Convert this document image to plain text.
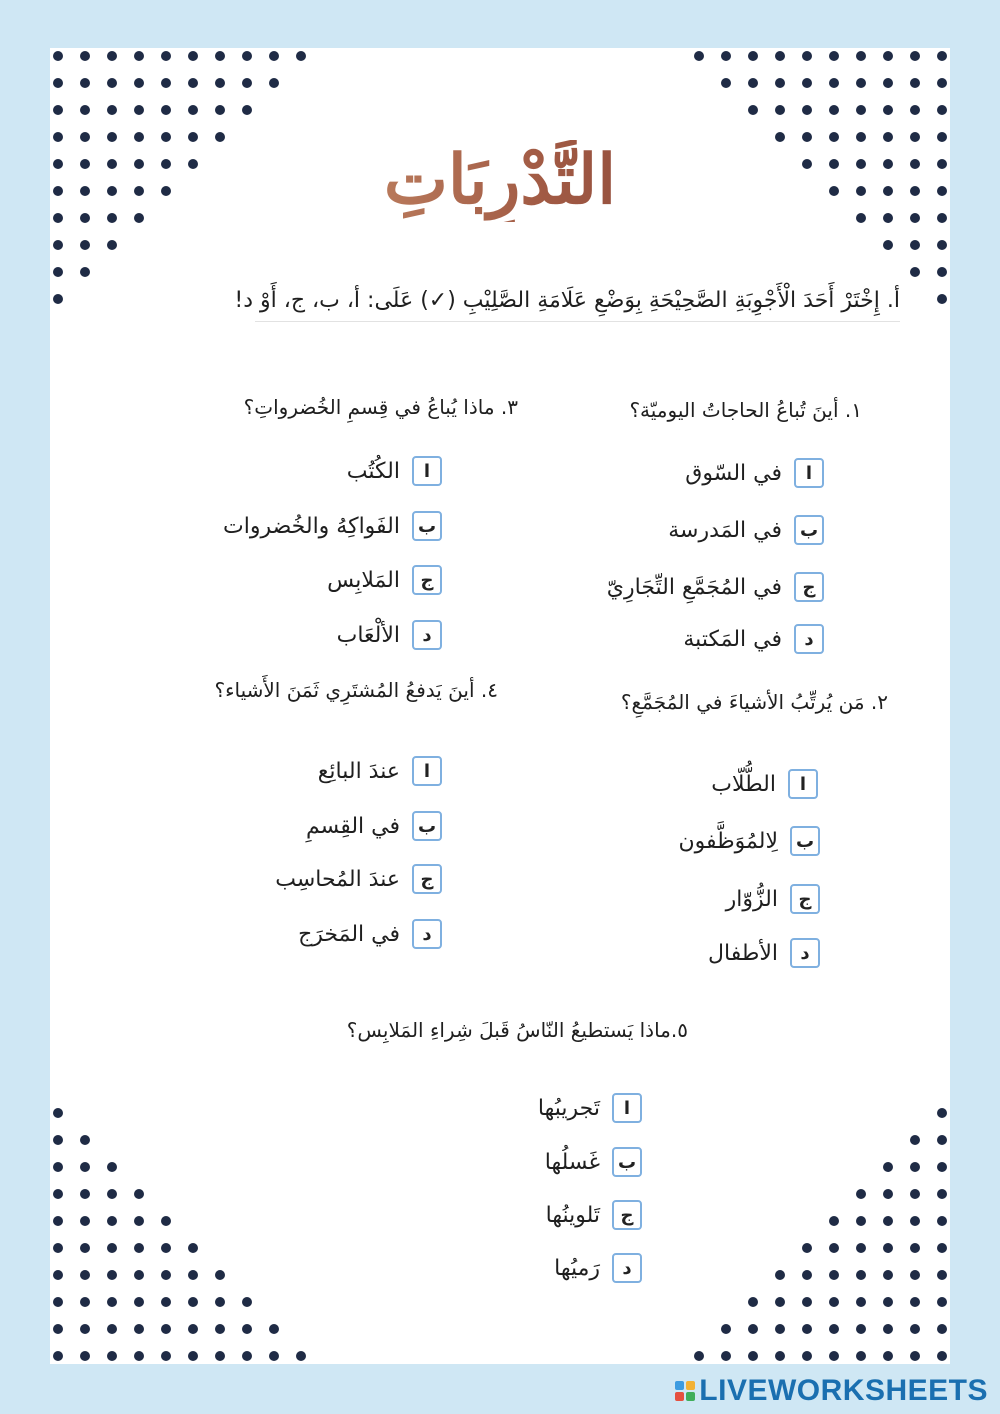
التَّدْرِبَاتِ
أ. إِخْتَرْ أَحَدَ الْأَجْوِبَةِ الصَّحِيْحَةِ بِوَضْعِ عَلَامَةِ الصَّلِيْبِ (✓) عَلَى: أ، ب، ج، أَوْ د!
١. أينَ تُباعُ الحاجاتُ اليوميّة؟
ا
في السّوق
ب
في المَدرسة
ج
في المُجَمَّعِ التِّجَارِيّ
د
في المَكتبة
٢. مَن يُرتِّبُ الأشياءَ في المُجَمَّعِ؟
ا
الطُّلّاب
ب
لِالمُوَظَّفون
ج
الزُّوّار
د
الأطفال
٣. ماذا يُباعُ في قِسمِ الخُضرواتِ؟
ا
الكُتُب
ب
الفَواكِهُ والخُضروات
ج
المَلابِس
د
الألْعَاب
٤. أينَ يَدفعُ المُشتَرِي ثَمَنَ الأَشياء؟
ا
عندَ البائِع
ب
في القِسمِ
ج
عندَ المُحاسِب
د
في المَخرَج
٥.ماذا يَستطيعُ النّاسُ قَبلَ شِراءِ المَلابِس؟
ا
تَجريبُها
ب
غَسلُها
ج
تَلوينُها
د
رَميُها
LIVEWORKSHEETS
